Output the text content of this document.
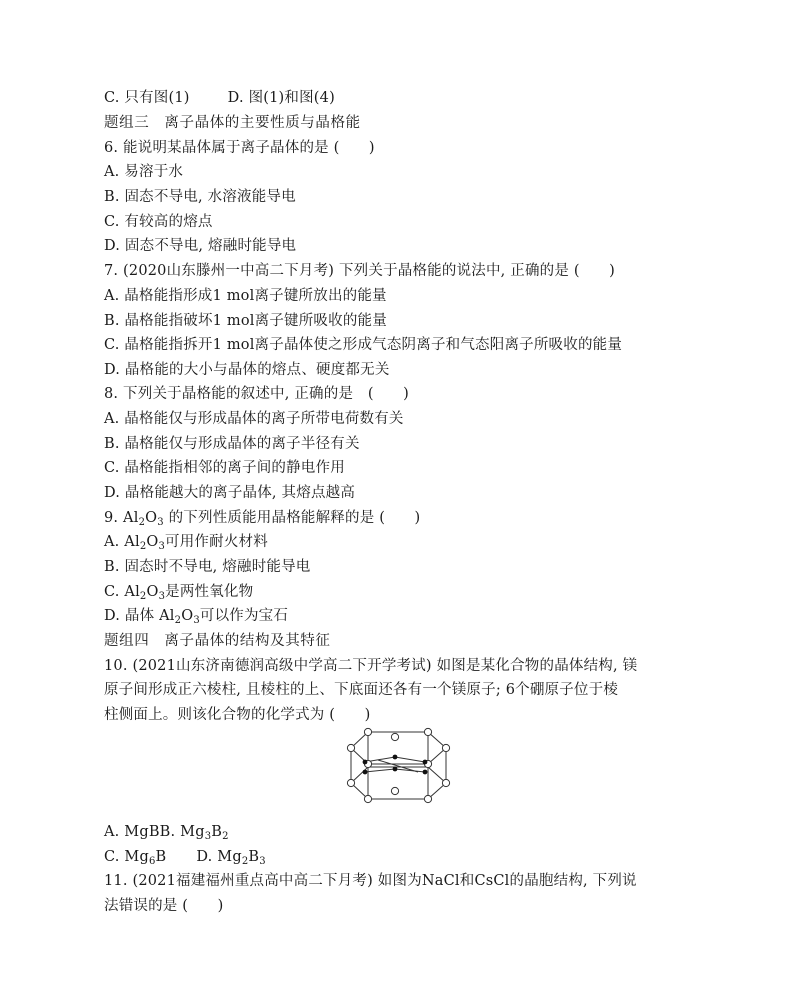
C. 只有图(1)	D. 图(1)和图(4)
题组三　离子晶体的主要性质与晶格能
6. 能说明某晶体属于离子晶体的是 (　　)
A. 易溶于水
B. 固态不导电, 水溶液能导电
C. 有较高的熔点
D. 固态不导电, 熔融时能导电
7. (2020山东滕州一中高二下月考) 下列关于晶格能的说法中, 正确的是 (　　)
A. 晶格能指形成1 mol离子键所放出的能量
B. 晶格能指破坏1 mol离子键所吸收的能量
C. 晶格能指拆开1 mol离子晶体使之形成气态阴离子和气态阳离子所吸收的能量
D. 晶格能的大小与晶体的熔点、硬度都无关
8. 下列关于晶格能的叙述中, 正确的是　(　　)
A. 晶格能仅与形成晶体的离子所带电荷数有关
B. 晶格能仅与形成晶体的离子半径有关
C. 晶格能指相邻的离子间的静电作用
D. 晶格能越大的离子晶体, 其熔点越高
9. $Al_2O_3$ 的下列性质能用晶格能解释的是 (　　)
A. $Al_2O_3$可用作耐火材料
B. 固态时不导电, 熔融时能导电
C. $Al_2O_3$是两性氧化物
D. 晶体 $Al_2O_3$可以作为宝石
题组四　离子晶体的结构及其特征
10. (2021山东济南德润高级中学高二下开学考试) 如图是某化合物的晶体结构, 镁
原子间形成正六棱柱, 且棱柱的上、下底面还各有一个镁原子; 6个硼原子位于棱
柱侧面上。则该化合物的化学式为 (　　)
A. MgBB. $Mg_3B_2$
C. $Mg_6B$ D. $Mg_2B_3$
11. (2021福建福州重点高中高二下月考) 如图为NaCl和CsCl的晶胞结构, 下列说
法错误的是 (　　)
